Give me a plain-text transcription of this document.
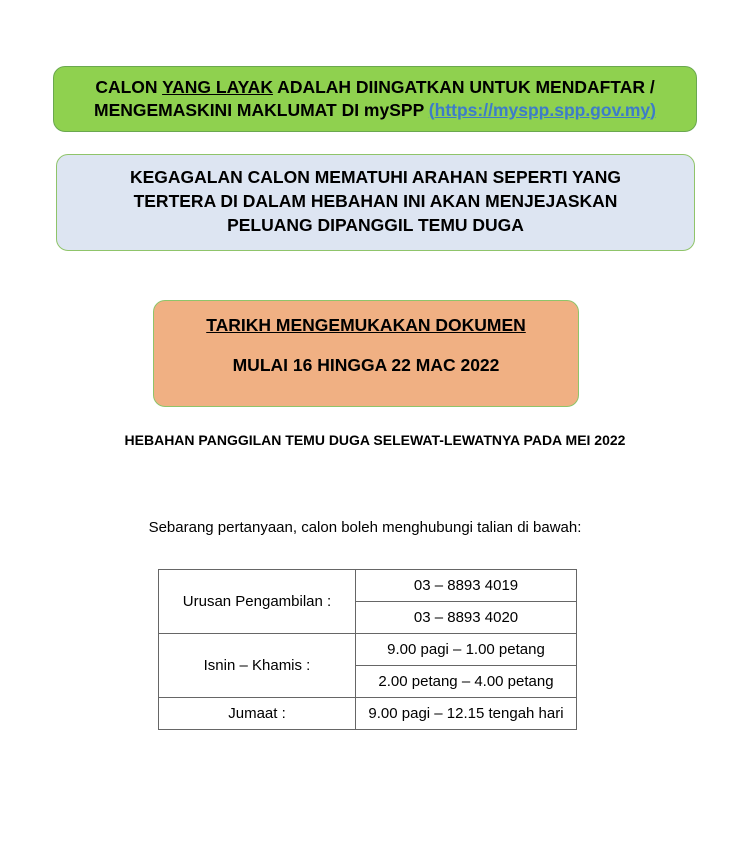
CALON YANG LAYAK ADALAH DIINGATKAN UNTUK MENDAFTAR /
MENGEMASKINI MAKLUMAT DI mySPP (https://myspp.spp.gov.my)
KEGAGALAN CALON MEMATUHI ARAHAN SEPERTI YANG
TERTERA DI DALAM HEBAHAN INI AKAN MENJEJASKAN
PELUANG DIPANGGIL TEMU DUGA
TARIKH MENGEMUKAKAN DOKUMEN
MULAI 16 HINGGA 22 MAC 2022
HEBAHAN PANGGILAN TEMU DUGA SELEWAT-LEWATNYA PADA MEI 2022
Sebarang pertanyaan, calon boleh menghubungi talian di bawah:
Urusan Pengambilan :	03 – 8893 4019
	03 – 8893 4020
Isnin – Khamis :	9.00 pagi – 1.00 petang
	2.00 petang – 4.00 petang
Jumaat :	9.00 pagi – 12.15 tengah hari
